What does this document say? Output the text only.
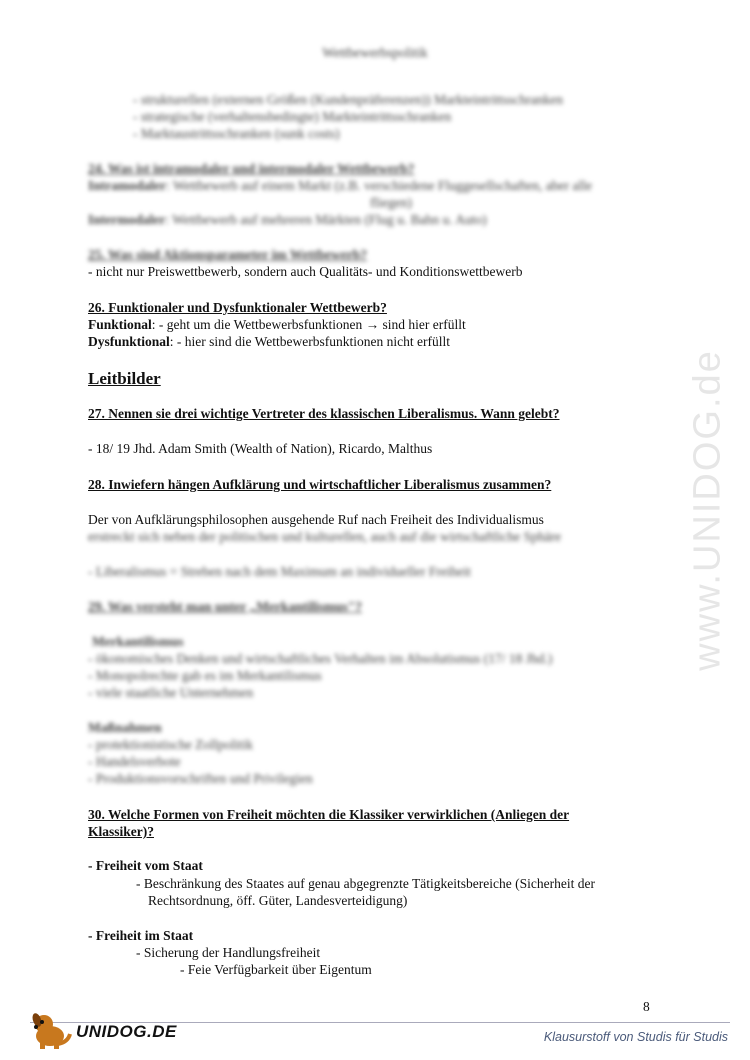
www.UNIDOG.de
Wettbewerbspolitik
- strukturellen (externen Größen (Kundenpräferenzen)) Markteintrittsschranken
- strategische (verhaltensbedingte) Markteintrittsschranken
- Marktaustrittsschranken (sunk costs)
24. Was ist intramodaler und intermodaler Wettbewerb?
Intramodaler: Wettbewerb auf einem Markt (z.B. verschiedene Fluggesellschaften, aber alle
fliegen)
Intermodaler: Wettbewerb auf mehreren Märkten (Flug u. Bahn u. Auto)
25. Was sind Aktionsparameter im Wettbewerb?
- nicht nur Preiswettbewerb, sondern auch Qualitäts- und Konditionswettbewerb
26. Funktionaler und Dysfunktionaler Wettbewerb?
Funktional: - geht um die Wettbewerbsfunktionen → sind hier erfüllt
Dysfunktional: - hier sind die Wettbewerbsfunktionen nicht erfüllt
Leitbilder
27. Nennen sie drei wichtige Vertreter des klassischen Liberalismus. Wann gelebt?
- 18/ 19 Jhd. Adam Smith (Wealth of Nation), Ricardo, Malthus
28. Inwiefern hängen Aufklärung und wirtschaftlicher Liberalismus zusammen?
Der von Aufklärungsphilosophen ausgehende Ruf nach Freiheit des Individualismus
erstreckt sich neben der politischen und kulturellen, auch auf die wirtschaftliche Sphäre
- Liberalismus = Streben nach dem Maximum an individueller Freiheit
29. Was versteht man unter „Merkantilismus"?
Merkantilismus
- ökonomisches Denken und wirtschaftliches Verhalten im Absolutismus (17/ 18 Jhd.)
- Monopolrechte gab es im Merkantilismus
- viele staatliche Unternehmen
Maßnahmen
- protektionistische Zollpolitik
- Handelsverbote
- Produktionsvorschriften und Privilegien
30. Welche Formen von Freiheit möchten die Klassiker verwirklichen (Anliegen der
Klassiker)?
- Freiheit vom Staat
- Beschränkung des Staates auf genau abgegrenzte Tätigkeitsbereiche (Sicherheit der
Rechtsordnung, öff. Güter, Landesverteidigung)
- Freiheit im Staat
- Sicherung der Handlungsfreiheit
- Feie Verfügbarkeit über Eigentum
8
UNIDOG.DE	Klausurstoff von Studis für Studis
